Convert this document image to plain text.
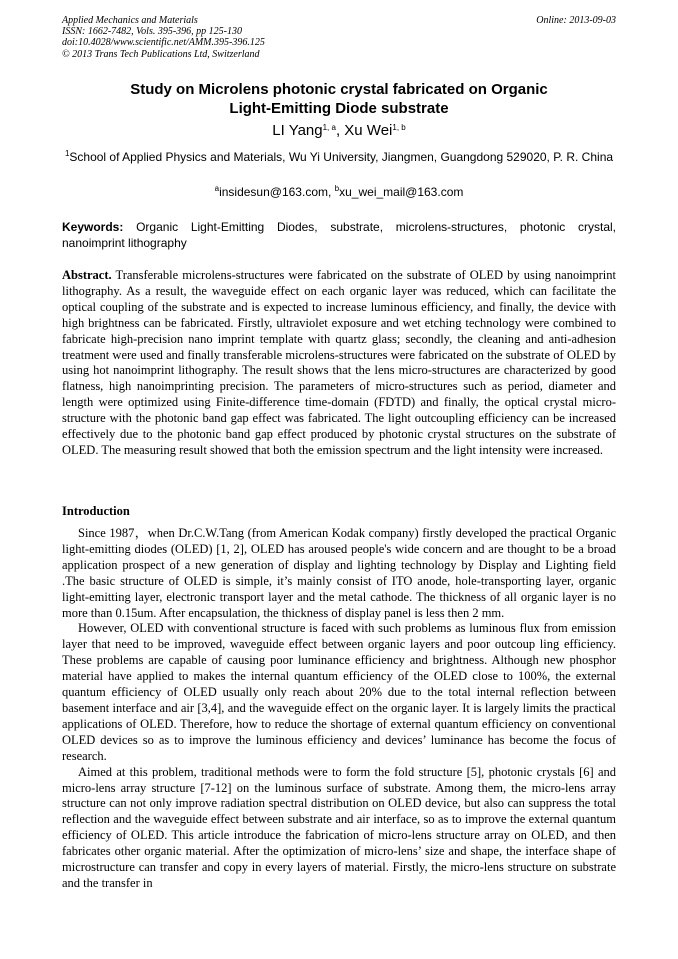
Applied Mechanics and Materials
ISSN: 1662-7482, Vols. 395-396, pp 125-130
doi:10.4028/www.scientific.net/AMM.395-396.125
© 2013 Trans Tech Publications Ltd, Switzerland
Online: 2013-09-03
Study on Microlens photonic crystal fabricated on Organic
Light-Emitting Diode substrate
LI Yang$^{1, a}$, Xu Wei$^{1, b}$
$^1$School of Applied Physics and Materials, Wu Yi University, Jiangmen, Guangdong 529020, P. R. China
$^a$insidesun@163.com, $^b$xu_wei_mail@163.com
Keywords: Organic Light-Emitting Diodes, substrate, microlens-structures, photonic crystal, nanoimprint lithography
Abstract. Transferable microlens-structures were fabricated on the substrate of OLED by using nanoimprint lithography. As a result, the waveguide effect on each organic layer was reduced, which can facilitate the optical coupling of the substrate and is expected to increase luminous efficiency, and finally, the device with high brightness can be fabricated. Firstly, ultraviolet exposure and wet etching technology were combined to fabricate high-precision nano imprint template with quartz glass; secondly, the cleaning and anti-adhesion treatment were used and finally transferable microlens-structures were fabricated on the substrate of OLED by using hot nanoimprint lithography. The result shows that the lens micro-structures are characterized by good flatness, high nanoimprinting precision. The parameters of micro-structures such as period, diameter and length were optimized using Finite-difference time-domain (FDTD) and finally, the optical crystal micro-structure with the photonic band gap effect was fabricated. The light outcoupling efficiency can be increased effectively due to the photonic band gap effect produced by photonic crystal structures on the substrate of OLED. The measuring result showed that both the emission spectrum and the light intensity were increased.
Introduction

Since 1987，when Dr.C.W.Tang (from American Kodak company) firstly developed the practical Organic light-emitting diodes (OLED) [1, 2], OLED has aroused people's wide concern and are thought to be a broad application prospect of a new generation of display and lighting technology by Display and Lighting field .The basic structure of OLED is simple, it’s mainly consist of ITO anode, hole-transporting layer, organic light-emitting layer, electronic transport layer and the metal cathode. The thickness of all organic layer is no more than 0.15um. After encapsulation, the thickness of display panel is less then 2 mm.

However, OLED with conventional structure is faced with such problems as luminous flux from emission layer that need to be improved, waveguide effect between organic layers and poor outcoup ling efficiency. These problems are capable of causing poor luminance efficiency and brightness. Although new phosphor material have applied to makes the internal quantum efficiency of the OLED close to 100%, the external quantum efficiency of OLED usually only reach about 20% due to the total internal reflection between basement interface and air [3,4], and the waveguide effect on the organic layer. It is largely limits the practical applications of OLED. Therefore, how to reduce the shortage of external quantum efficiency on conventional OLED devices so as to improve the luminous efficiency and devices’ luminance has become the focus of research.

Aimed at this problem, traditional methods were to form the fold structure [5], photonic crystals [6] and micro-lens array structure [7-12] on the luminous surface of substrate. Among them, the micro-lens array structure can not only improve radiation spectral distribution on OLED device, but also can suppress the total reflection and the waveguide effect between substrate and air interface, so as to improve the external quantum efficiency of OLED. This article introduce the fabrication of micro-lens structure array on OLED, and then fabricates other organic material. After the optimization of micro-lens’ size and shape, the interface shape of microstructure can transfer and copy in every layers of material. Firstly, the micro-lens structure on substrate and the transfer in
